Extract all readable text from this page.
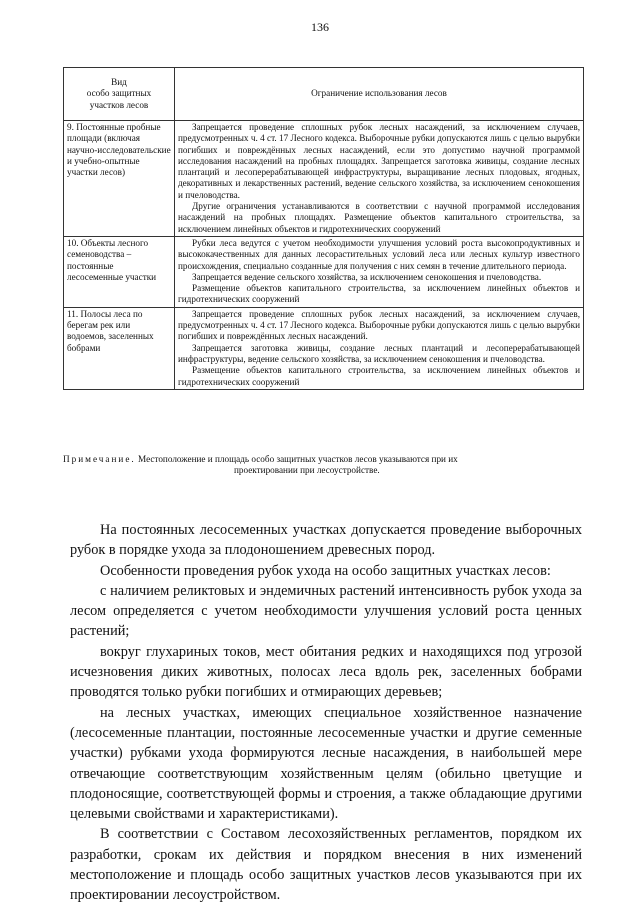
136
Вид
особо защитных
участков лесов	Ограничение использования лесов
9. Постоянные пробные площади (включая научно-исследовательские и учебно-опытные участки лесов)	Запрещается проведение сплошных рубок лесных насаждений, за исключением случаев, предусмотренных ч. 4 ст. 17 Лесного кодекса. Выборочные рубки допускаются лишь с целью вырубки погибших и повреждённых лесных насаждений, если это допустимо научной программой исследования насаждений на пробных площадях. Запрещается заготовка живицы, создание лесных плантаций и лесоперерабатывающей инфраструктуры, выращивание лесных плодовых, ягодных, декоративных и лекарственных растений, ведение сельского хозяйства, за исключением сенокошения и пчеловодства.

Другие ограничения устанавливаются в соответствии с научной программой исследования насаждений на пробных площадях. Размещение объектов капитального строительства, за исключением линейных объектов и гидротехнических сооружений

10. Объекты лесного семеноводства – постоянные лесосеменные участки	Рубки леса ведутся с учетом необходимости улучшения условий роста высокопродуктивных и высококачественных для данных лесорастительных условий леса или лесных культур известного происхождения, специально созданные для получения с них семян в течение длительного периода.

Запрещается ведение сельского хозяйства, за исключением сенокошения и пчеловодства.

Размещение объектов капитального строительства, за исключением линейных объектов и гидротехнических сооружений

11. Полосы леса по берегам рек или водоемов, заселенных бобрами	Запрещается проведение сплошных рубок лесных насаждений, за исключением случаев, предусмотренных ч. 4 ст. 17 Лесного кодекса. Выборочные рубки допускаются лишь с целью вырубки погибших и повреждённых лесных насаждений.

Запрещается заготовка живицы, создание лесных плантаций и лесоперерабатывающей инфраструктуры, ведение сельского хозяйства, за исключением сенокошения и пчеловодства.

Размещение объектов капитального строительства, за исключением линейных объектов и гидротехнических сооружений

Примечание. Местоположение и площадь особо защитных участков лесов указываются при их
проектировании при лесоустройстве.

На постоянных лесосеменных участках допускается проведение выборочных рубок в порядке ухода за плодоношением древесных пород.

Особенности проведения рубок ухода на особо защитных участках лесов:

с наличием реликтовых и эндемичных растений интенсивность рубок ухода за лесом определяется с учетом необходимости улучшения условий роста ценных растений;

вокруг глухариных токов, мест обитания редких и находящихся под угрозой исчезновения диких животных, полосах леса вдоль рек, заселенных бобрами проводятся только рубки погибших и отмирающих деревьев;

на лесных участках, имеющих специальное хозяйственное назначение (лесосеменные плантации, постоянные лесосеменные участки и другие семенные участки) рубками ухода формируются лесные насаждения, в наибольшей мере отвечающие соответствующим хозяйственным целям (обильно цветущие и плодоносящие, соответствующей формы и строения, а также обладающие другими целевыми свойствами и характеристиками).

В соответствии с Составом лесохозяйственных регламентов, порядком их разработки, срокам их действия и порядком внесения в них изменений местоположение и площадь особо защитных участков лесов указываются при их проектировании лесоустройством.
